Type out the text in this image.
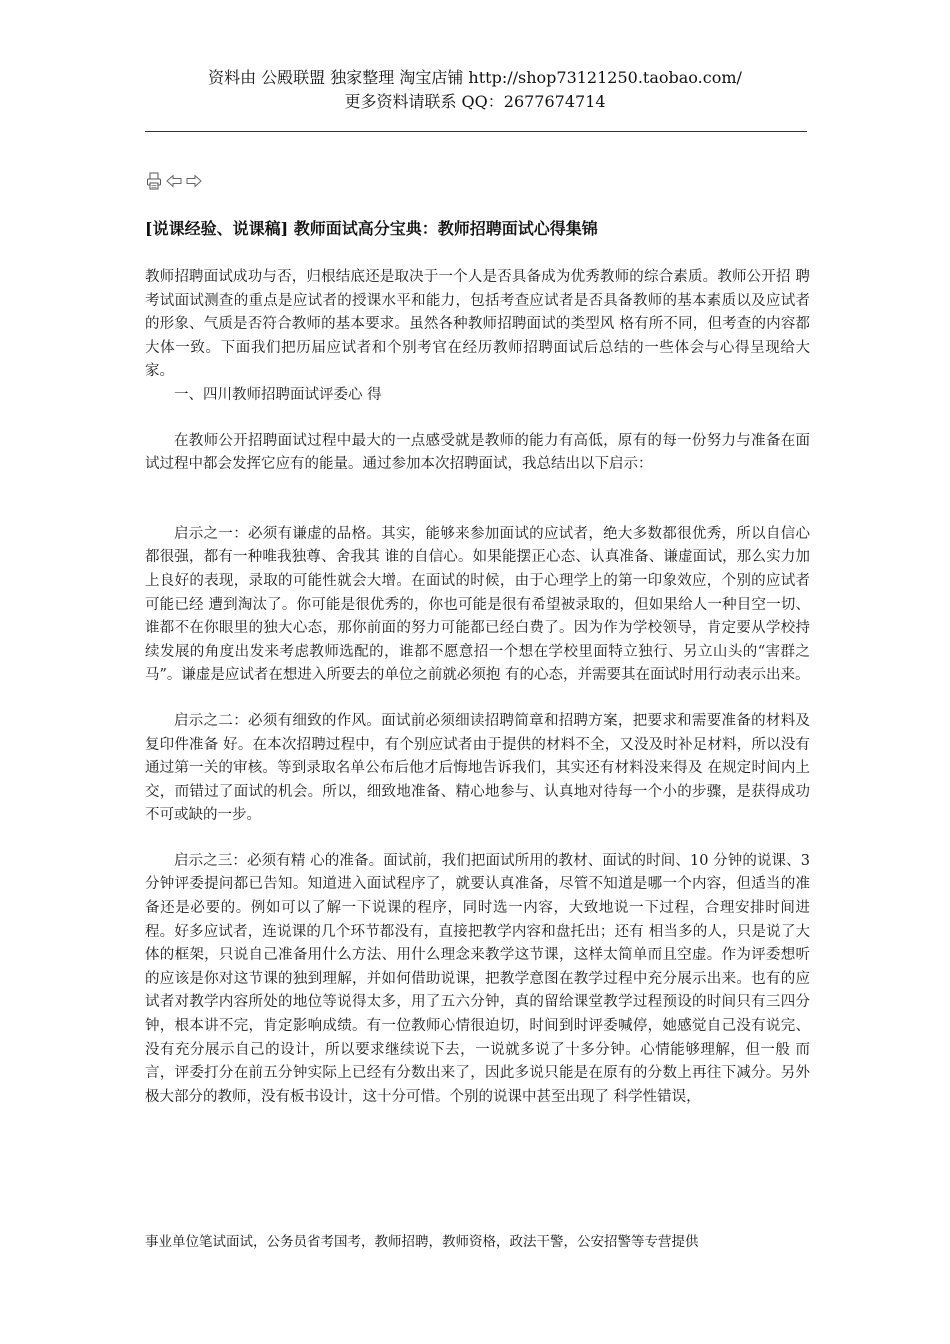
资料由 公殿联盟 独家整理 淘宝店铺 http://shop73121250.taobao.com/
更多资料请联系 QQ：2677674714
[说课经验、说课稿] 教师面试高分宝典：教师招聘面试心得集锦

教师招聘面试成功与否，归根结底还是取决于一个人是否具备成为优秀教师的综合素质。教师公开招 聘考试面试测查的重点是应试者的授课水平和能力，包括考查应试者是否具备教师的基本素质以及应试者的形象、气质是否符合教师的基本要求。虽然各种教师招聘面试的类型风 格有所不同，但考查的内容都大体一致。下面我们把历届应试者和个别考官在经历教师招聘面试后总结的一些体会与心得呈现给大家。

一、四川教师招聘面试评委心 得

在教师公开招聘面试过程中最大的一点感受就是教师的能力有高低，原有的每一份努力与准备在面试过程中都会发挥它应有的能量。通过参加本次招聘面试，我总结出以下启示：

启示之一：必须有谦虚的品格。其实，能够来参加面试的应试者，绝大多数都很优秀，所以自信心都很强，都有一种唯我独尊、舍我其 谁的自信心。如果能摆正心态、认真准备、谦虚面试，那么实力加上良好的表现，录取的可能性就会大增。在面试的时候，由于心理学上的第一印象效应，个别的应试者可能已经 遭到淘汰了。你可能是很优秀的，你也可能是很有希望被录取的，但如果给人一种目空一切、谁都不在你眼里的独大心态，那你前面的努力可能都已经白费了。因为作为学校领导，肯定要从学校持续发展的角度出发来考虑教师选配的，谁都不愿意招一个想在学校里面特立独行、另立山头的“害群之马”。谦虚是应试者在想进入所要去的单位之前就必须抱 有的心态，并需要其在面试时用行动表示出来。

启示之二：必须有细致的作风。面试前必须细读招聘简章和招聘方案，把要求和需要准备的材料及复印件准备 好。在本次招聘过程中，有个别应试者由于提供的材料不全，又没及时补足材料，所以没有通过第一关的审核。等到录取名单公布后他才后悔地告诉我们，其实还有材料没来得及 在规定时间内上交，而错过了面试的机会。所以，细致地准备、精心地参与、认真地对待每一个小的步骤，是获得成功不可或缺的一步。

启示之三：必须有精 心的准备。面试前，我们把面试所用的教材、面试的时间、10 分钟的说课、3 分钟评委提问都已告知。知道进入面试程序了，就要认真准备，尽管不知道是哪一个内容，但适当的准 备还是必要的。例如可以了解一下说课的程序，同时选一内容，大致地说一下过程，合理安排时间进程。好多应试者，连说课的几个环节都没有，直接把教学内容和盘托出；还有 相当多的人，只是说了大体的框架，只说自己准备用什么方法、用什么理念来教学这节课，这样太简单而且空虚。作为评委想听的应该是你对这节课的独到理解，并如何借助说课，把教学意图在教学过程中充分展示出来。也有的应试者对教学内容所处的地位等说得太多，用了五六分钟，真的留给课堂教学过程预设的时间只有三四分钟，根本讲不完，肯定影响成绩。有一位教师心情很迫切，时间到时评委喊停，她感觉自己没有说完、没有充分展示自己的设计，所以要求继续说下去，一说就多说了十多分钟。心情能够理解，但一般 而言，评委打分在前五分钟实际上已经有分数出来了，因此多说只能是在原有的分数上再往下减分。另外极大部分的教师，没有板书设计，这十分可惜。个别的说课中甚至出现了 科学性错误，

事业单位笔试面试，公务员省考国考，教师招聘，教师资格，政法干警，公安招警等专营提供
